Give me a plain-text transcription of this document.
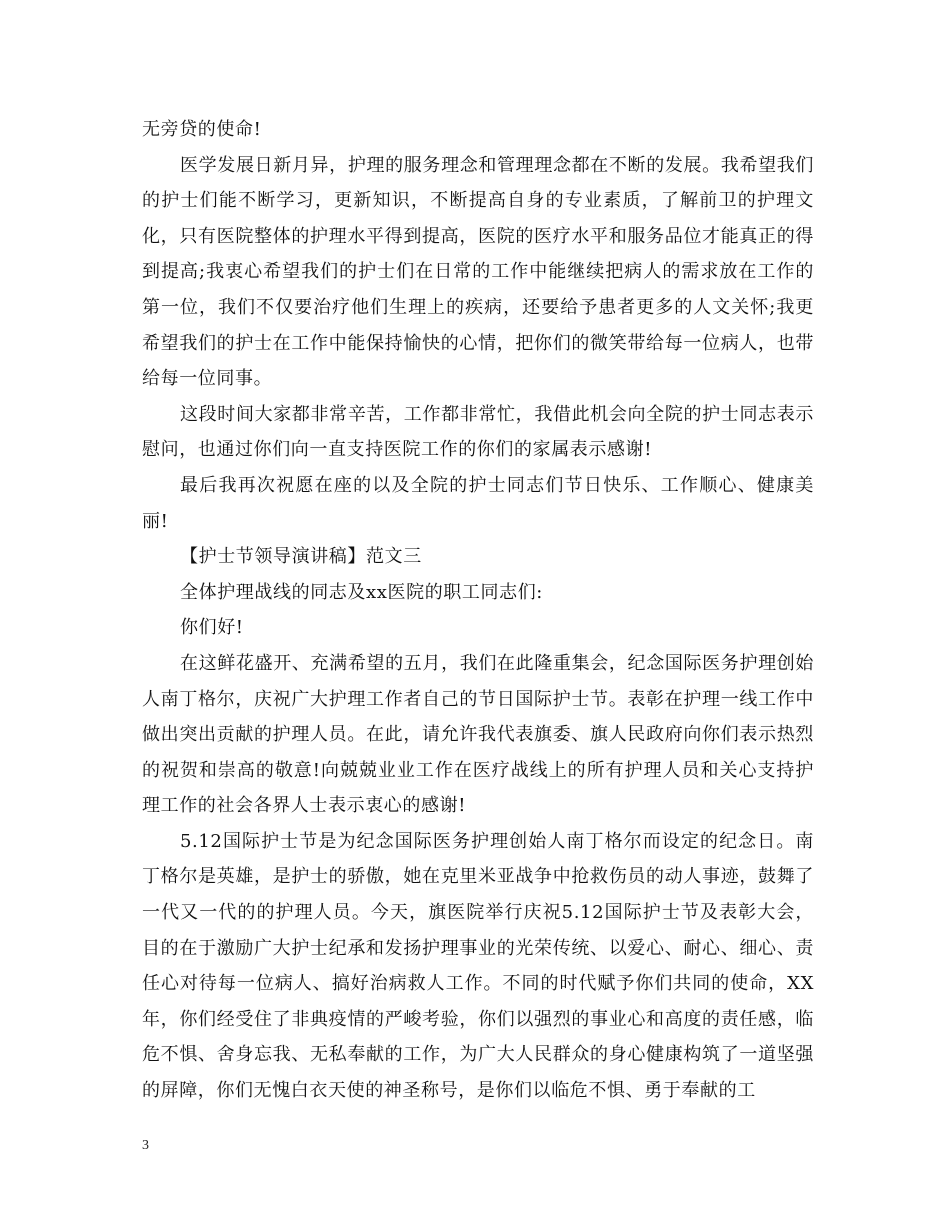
无旁贷的使命!

医学发展日新月异，护理的服务理念和管理理念都在不断的发展。我希望我们的护士们能不断学习，更新知识，不断提高自身的专业素质，了解前卫的护理文化，只有医院整体的护理水平得到提高，医院的医疗水平和服务品位才能真正的得到提高;我衷心希望我们的护士们在日常的工作中能继续把病人的需求放在工作的第一位，我们不仅要治疗他们生理上的疾病，还要给予患者更多的人文关怀;我更希望我们的护士在工作中能保持愉快的心情，把你们的微笑带给每一位病人，也带给每一位同事。

这段时间大家都非常辛苦，工作都非常忙，我借此机会向全院的护士同志表示慰问，也通过你们向一直支持医院工作的你们的家属表示感谢!

最后我再次祝愿在座的以及全院的护士同志们节日快乐、工作顺心、健康美丽!

【护士节领导演讲稿】范文三

全体护理战线的同志及xx医院的职工同志们:

你们好!

在这鲜花盛开、充满希望的五月，我们在此隆重集会，纪念国际医务护理创始人南丁格尔，庆祝广大护理工作者自己的节日国际护士节。表彰在护理一线工作中做出突出贡献的护理人员。在此，请允许我代表旗委、旗人民政府向你们表示热烈的祝贺和崇高的敬意!向兢兢业业工作在医疗战线上的所有护理人员和关心支持护理工作的社会各界人士表示衷心的感谢!

5.12国际护士节是为纪念国际医务护理创始人南丁格尔而设定的纪念日。南丁格尔是英雄，是护士的骄傲，她在克里米亚战争中抢救伤员的动人事迹，鼓舞了一代又一代的的护理人员。今天，旗医院举行庆祝5.12国际护士节及表彰大会，目的在于激励广大护士纪承和发扬护理事业的光荣传统、以爱心、耐心、细心、责任心对待每一位病人、搞好治病救人工作。不同的时代赋予你们共同的使命，XX年，你们经受住了非典疫情的严峻考验，你们以强烈的事业心和高度的责任感，临危不惧、舍身忘我、无私奉献的工作，为广大人民群众的身心健康构筑了一道坚强的屏障，你们无愧白衣天使的神圣称号，是你们以临危不惧、勇于奉献的工

3
